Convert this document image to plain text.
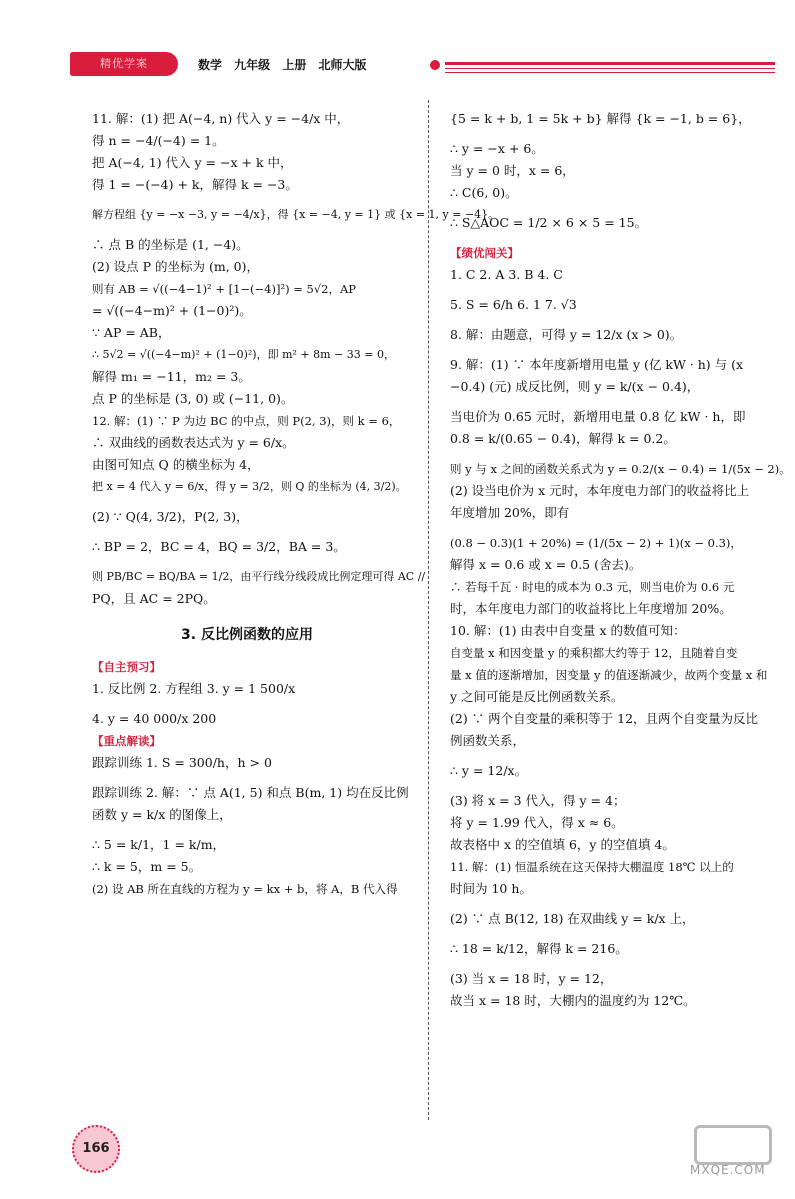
精优学案	数学 九年级 上册 北师大版
11. 解：(1) 把 A(−4, n) 代入 y = −4/x 中，
得 n = −4/(−4) = 1。
把 A(−4, 1) 代入 y = −x + k 中，
得 1 = −(−4) + k，解得 k = −3。
解方程组 {y = −x −3, y = −4/x}，得 {x = −4, y = 1} 或 {x = 1, y = −4}。
∴ 点 B 的坐标是 (1, −4)。
(2) 设点 P 的坐标为 (m, 0)，
则有 AB = √((−4−1)² + [1−(−4)]²) = 5√2，AP
= √((−4−m)² + (1−0)²)。
∵ AP = AB，
∴ 5√2 = √((−4−m)² + (1−0)²)，即 m² + 8m − 33 = 0，
解得 m₁ = −11，m₂ = 3。
点 P 的坐标是 (3, 0) 或 (−11, 0)。
12. 解：(1) ∵ P 为边 BC 的中点，则 P(2, 3)，则 k = 6，
∴ 双曲线的函数表达式为 y = 6/x。
由图可知点 Q 的横坐标为 4，
把 x = 4 代入 y = 6/x，得 y = 3/2，则 Q 的坐标为 (4, 3/2)。
(2) ∵ Q(4, 3/2)，P(2, 3)，
∴ BP = 2，BC = 4，BQ = 3/2，BA = 3。
则 PB/BC = BQ/BA = 1/2，由平行线分线段成比例定理可得 AC //
PQ，且 AC = 2PQ。
3. 反比例函数的应用
【自主预习】
1. 反比例 2. 方程组 3. y = 1 500/x
4. y = 40 000/x 200
【重点解读】
跟踪训练 1. S = 300/h，h > 0
跟踪训练 2. 解：∵ 点 A(1, 5) 和点 B(m, 1) 均在反比例
函数 y = k/x 的图像上，
∴ 5 = k/1，1 = k/m，
∴ k = 5，m = 5。
(2) 设 AB 所在直线的方程为 y = kx + b，将 A，B 代入得
{5 = k + b, 1 = 5k + b} 解得 {k = −1, b = 6}，
∴ y = −x + 6。
当 y = 0 时，x = 6，
∴ C(6, 0)。
∴ S△AOC = 1/2 × 6 × 5 = 15。
【绩优闯关】
1. C 2. A 3. B 4. C
5. S = 6/h 6. 1 7. √3
8. 解：由题意，可得 y = 12/x (x > 0)。
9. 解：(1) ∵ 本年度新增用电量 y (亿 kW · h) 与 (x
−0.4) (元) 成反比例，则 y = k/(x − 0.4)，
当电价为 0.65 元时，新增用电量 0.8 亿 kW · h，即
0.8 = k/(0.65 − 0.4)，解得 k = 0.2。
则 y 与 x 之间的函数关系式为 y = 0.2/(x − 0.4) = 1/(5x − 2)。
(2) 设当电价为 x 元时，本年度电力部门的收益将比上
年度增加 20%，即有
(0.8 − 0.3)(1 + 20%) = (1/(5x − 2) + 1)(x − 0.3)，
解得 x = 0.6 或 x = 0.5 (舍去)。
∴ 若每千瓦 · 时电的成本为 0.3 元，则当电价为 0.6 元
时，本年度电力部门的收益将比上年度增加 20%。
10. 解：(1) 由表中自变量 x 的数值可知：
自变量 x 和因变量 y 的乘积都大约等于 12，且随着自变
量 x 值的逐渐增加，因变量 y 的值逐渐减少，故两个变量 x 和
y 之间可能是反比例函数关系。
(2) ∵ 两个自变量的乘积等于 12，且两个自变量为反比
例函数关系，
∴ y = 12/x。
(3) 将 x = 3 代入，得 y = 4；
将 y = 1.99 代入，得 x ≈ 6。
故表格中 x 的空值填 6，y 的空值填 4。
11. 解：(1) 恒温系统在这天保持大棚温度 18℃ 以上的
时间为 10 h。
(2) ∵ 点 B(12, 18) 在双曲线 y = k/x 上，
∴ 18 = k/12，解得 k = 216。
(3) 当 x = 18 时，y = 12，
故当 x = 18 时，大棚内的温度约为 12℃。
166
MXQE.COM
